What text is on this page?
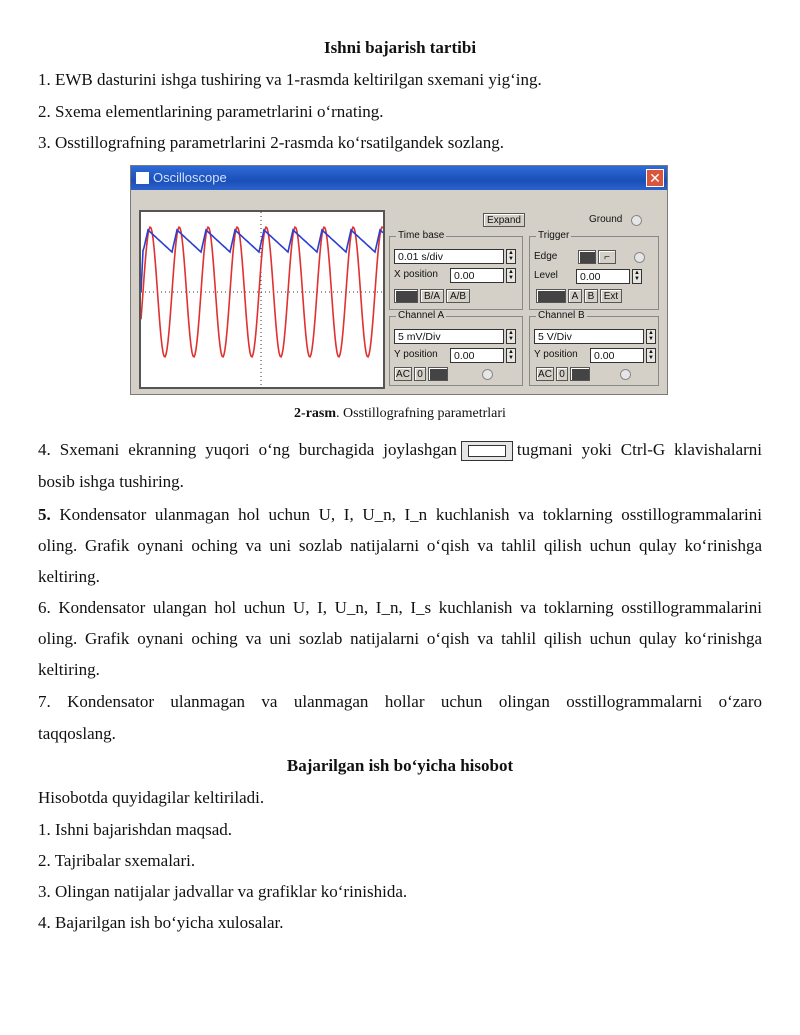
Ishni bajarish tartibi
1. EWB dasturini ishga tushiring va 1-rasmda keltirilgan sxemani yig‘ing.
2. Sxema elementlarining parametrlarini o‘rnating.
3. Osstillografning parametrlarini 2-rasmda ko‘rsatilgandek sozlang.
Oscilloscope	✕
Expand	Ground
Time base
0.01 s/div	▲
▼
X position	0.00	▲
▼
B/A A/B
Trigger
Edge	⌐
Level	0.00	▲
▼
A B Ext
Channel A
5 mV/Div	▲
▼
Y position	0.00	▲
▼
AC 0
Channel B
5 V/Div	▲
▼
Y position	0.00	▲
▼
AC 0
2-rasm. Osstillografning parametrlari
4. Sxemani ekranning yuqori o‘ng burchagida joylashgan	tugmani yoki Ctrl-G klavishalarni
bosib ishga tushiring.
5. Kondensator ulanmagan hol uchun U, I, U_n, I_n kuchlanish va toklarning osstillogrammalarini
oling. Grafik oynani oching va uni sozlab natijalarni o‘qish va tahlil qilish uchun qulay ko‘rinishga
keltiring.
6. Kondensator ulangan hol uchun U, I, U_n, I_n, I_s kuchlanish va toklarning osstillogrammalarini
oling. Grafik oynani oching va uni sozlab natijalarni o‘qish va tahlil qilish uchun qulay ko‘rinishga
keltiring.
7. Kondensator ulanmagan va ulanmagan hollar uchun olingan osstillogrammalarni o‘zaro
taqqoslang.
Bajarilgan ish bo‘yicha hisobot
Hisobotda quyidagilar keltiriladi.
1. Ishni bajarishdan maqsad.
2. Tajribalar sxemalari.
3. Olingan natijalar jadvallar va grafiklar ko‘rinishida.
4. Bajarilgan ish bo‘yicha xulosalar.
